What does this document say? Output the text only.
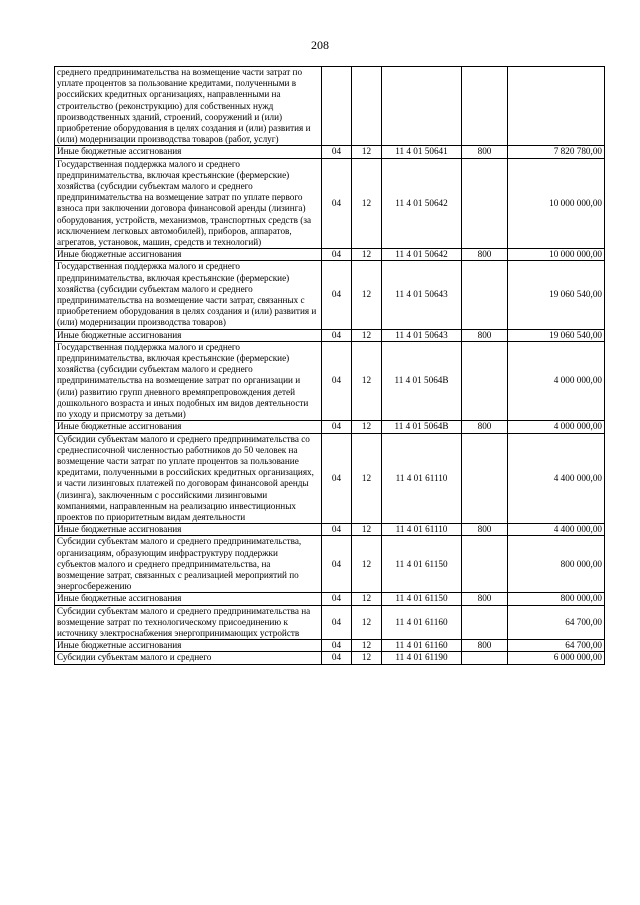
208
среднего предпринимательства на возмещение части затрат по уплате процентов за пользование кредитами, полученными в российских кредитных организациях, направленными на строительство (реконструкцию) для собственных нужд производственных зданий, строений, сооружений и (или) приобретение оборудования в целях создания и (или) развития и (или) модернизации производства товаров (работ, услуг)					
Иные бюджетные ассигнования	04	12	11 4 01 50641	800	7 820 780,00
Государственная поддержка малого и среднего предпринимательства, включая крестьянские (фермерские) хозяйства (субсидии субъектам малого и среднего предпринимательства на возмещение затрат по уплате первого взноса при заключении договора финансовой аренды (лизинга) оборудования, устройств, механизмов, транспортных средств (за исключением легковых автомобилей), приборов, аппаратов, агрегатов, установок, машин, средств и технологий)	04	12	11 4 01 50642		10 000 000,00
Иные бюджетные ассигнования	04	12	11 4 01 50642	800	10 000 000,00
Государственная поддержка малого и среднего предпринимательства, включая крестьянские (фермерские) хозяйства (субсидии субъектам малого и среднего предпринимательства на возмещение части затрат, связанных с приобретением оборудования в целях создания и (или) развития и (или) модернизации производства товаров)	04	12	11 4 01 50643		19 060 540,00
Иные бюджетные ассигнования	04	12	11 4 01 50643	800	19 060 540,00
Государственная поддержка малого и среднего предпринимательства, включая крестьянские (фермерские) хозяйства (субсидии субъектам малого и среднего предпринимательства на возмещение затрат по организации и (или) развитию групп дневного времяпрепровождения детей дошкольного возраста и иных подобных им видов деятельности по уходу и присмотру за детьми)	04	12	11 4 01 5064В		4 000 000,00
Иные бюджетные ассигнования	04	12	11 4 01 5064В	800	4 000 000,00
Субсидии субъектам малого и среднего предпринимательства со среднесписочной численностью работников до 50 человек на возмещение части затрат по уплате процентов за пользование кредитами, полученными в российских кредитных организациях, и части лизинговых платежей по договорам финансовой аренды (лизинга), заключенным с российскими лизинговыми компаниями, направленным на реализацию инвестиционных проектов по приоритетным видам деятельности	04	12	11 4 01 61110		4 400 000,00
Иные бюджетные ассигнования	04	12	11 4 01 61110	800	4 400 000,00
Субсидии субъектам малого и среднего предпринимательства, организациям, образующим инфраструктуру поддержки субъектов малого и среднего предпринимательства, на возмещение затрат, связанных с реализацией мероприятий по энергосбережению	04	12	11 4 01 61150		800 000,00
Иные бюджетные ассигнования	04	12	11 4 01 61150	800	800 000,00
Субсидии субъектам малого и среднего предпринимательства на возмещение затрат по технологическому присоединению к источнику электроснабжения энергопринимающих устройств	04	12	11 4 01 61160		64 700,00
Иные бюджетные ассигнования	04	12	11 4 01 61160	800	64 700,00
Субсидии субъектам малого и среднего	04	12	11 4 01 61190		6 000 000,00
